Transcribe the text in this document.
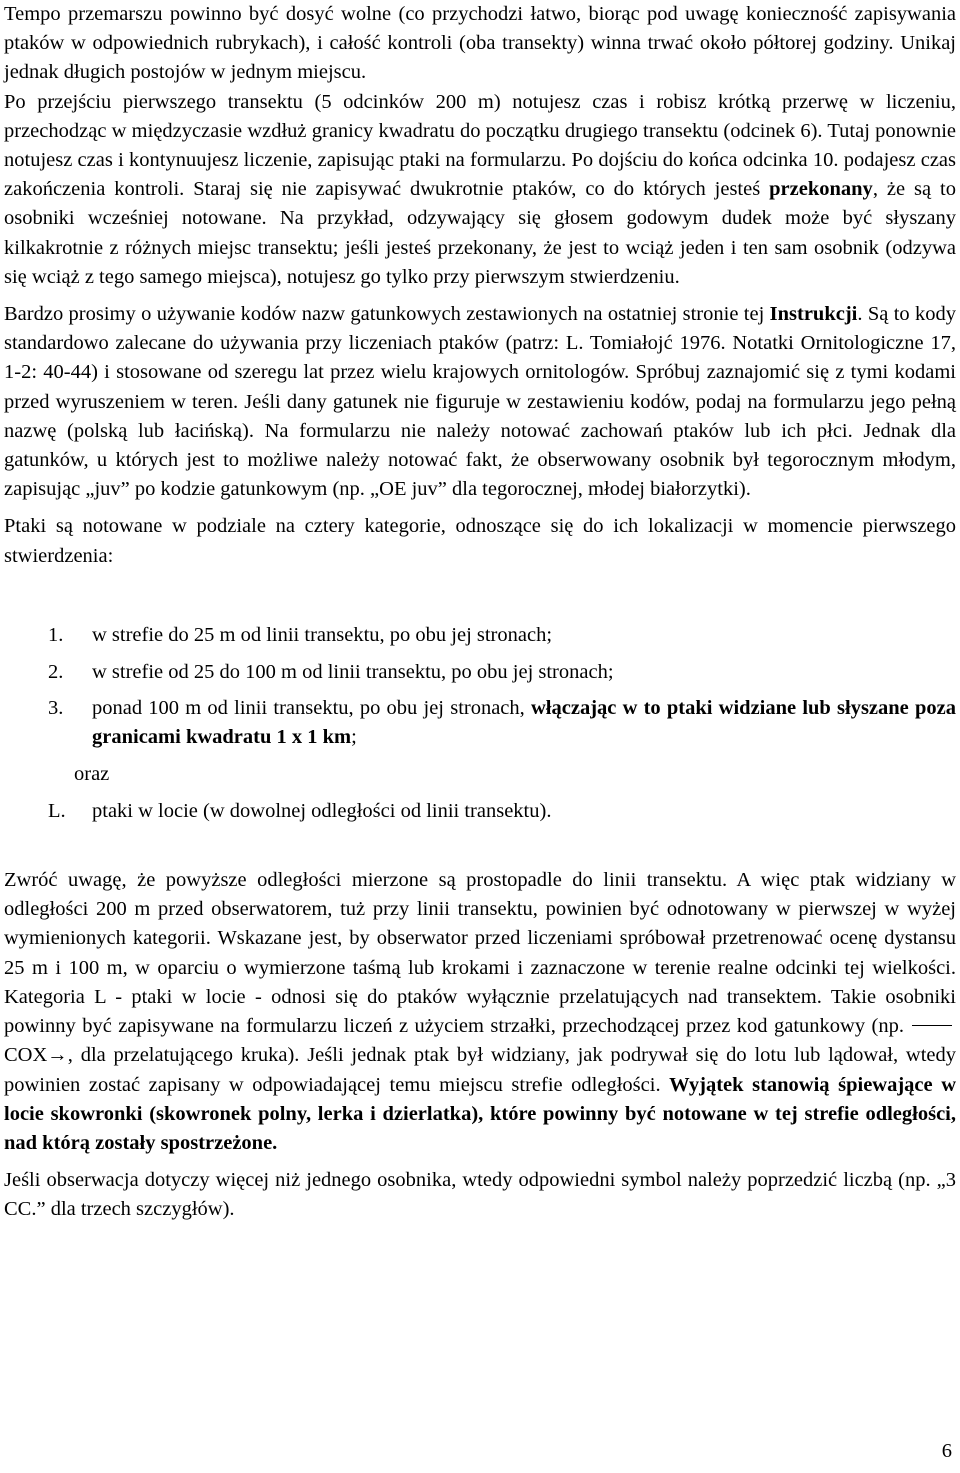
Tempo przemarszu powinno być dosyć wolne (co przychodzi łatwo, biorąc pod uwagę konieczność zapisywania ptaków w odpowiednich rubrykach), i całość kontroli (oba transekty) winna trwać około półtorej godziny. Unikaj jednak długich postojów w jednym miejscu.

Po przejściu pierwszego transektu (5 odcinków 200 m) notujesz czas i robisz krótką przerwę w liczeniu, przechodząc w międzyczasie wzdłuż granicy kwadratu do początku drugiego transektu (odcinek 6). Tutaj ponownie notujesz czas i kontynuujesz liczenie, zapisując ptaki na formularzu. Po dojściu do końca odcinka 10. podajesz czas zakończenia kontroli. Staraj się nie zapisywać dwukrotnie ptaków, co do których jesteś przekonany, że są to osobniki wcześniej notowane. Na przykład, odzywający się głosem godowym dudek może być słyszany kilkakrotnie z różnych miejsc transektu; jeśli jesteś przekonany, że jest to wciąż jeden i ten sam osobnik (odzywa się wciąż z tego samego miejsca), notujesz go tylko przy pierwszym stwierdzeniu.

Bardzo prosimy o używanie kodów nazw gatunkowych zestawionych na ostatniej stronie tej Instrukcji. Są to kody standardowo zalecane do używania przy liczeniach ptaków (patrz: L. Tomiałojć 1976. Notatki Ornitologiczne 17, 1-2: 40-44) i stosowane od szeregu lat przez wielu krajowych ornitologów. Spróbuj zaznajomić się z tymi kodami przed wyruszeniem w teren. Jeśli dany gatunek nie figuruje w zestawieniu kodów, podaj na formularzu jego pełną nazwę (polską lub łacińską). Na formularzu nie należy notować zachowań ptaków lub ich płci. Jednak dla gatunków, u których jest to możliwe należy notować fakt, że obserwowany osobnik był tegorocznym młodym, zapisując „juv” po kodzie gatunkowym (np. „OE juv” dla tegorocznej, młodej białorzytki).

Ptaki są notowane w podziale na cztery kategorie, odnoszące się do ich lokalizacji w momencie pierwszego stwierdzenia:

1.	w strefie do 25 m od linii transektu, po obu jej stronach;
2.	w strefie od 25 do 100 m od linii transektu, po obu jej stronach;
3.	ponad 100 m od linii transektu, po obu jej stronach, włączając w to ptaki widziane lub słyszane poza granicami kwadratu 1 x 1 km;
oraz
L.	ptaki w locie (w dowolnej odległości od linii transektu).

Zwróć uwagę, że powyższe odległości mierzone są prostopadle do linii transektu. A więc ptak widziany w odległości 200 m przed obserwatorem, tuż przy linii transektu, powinien być odnotowany w pierwszej w wyżej wymienionych kategorii. Wskazane jest, by obserwator przed liczeniami spróbował przetrenować ocenę dystansu 25 m i 100 m, w oparciu o wymierzone taśmą lub krokami i zaznaczone w terenie realne odcinki tej wielkości. Kategoria L - ptaki w locie - odnosi się do ptaków wyłącznie przelatujących nad transektem. Takie osobniki powinny być zapisywane na formularzu liczeń z użyciem strzałki, przechodzącej przez kod gatunkowy (np.COX→, dla przelatującego kruka). Jeśli jednak ptak był widziany, jak podrywał się do lotu lub lądował, wtedy powinien zostać zapisany w odpowiadającej temu miejscu strefie odległości. Wyjątek stanowią śpiewające w locie skowronki (skowronek polny, lerka i dzierlatka), które powinny być notowane w tej strefie odległości, nad którą zostały spostrzeżone.

Jeśli obserwacja dotyczy więcej niż jednego osobnika, wtedy odpowiedni symbol należy poprzedzić liczbą (np. „3 CC.” dla trzech szczygłów).

6
